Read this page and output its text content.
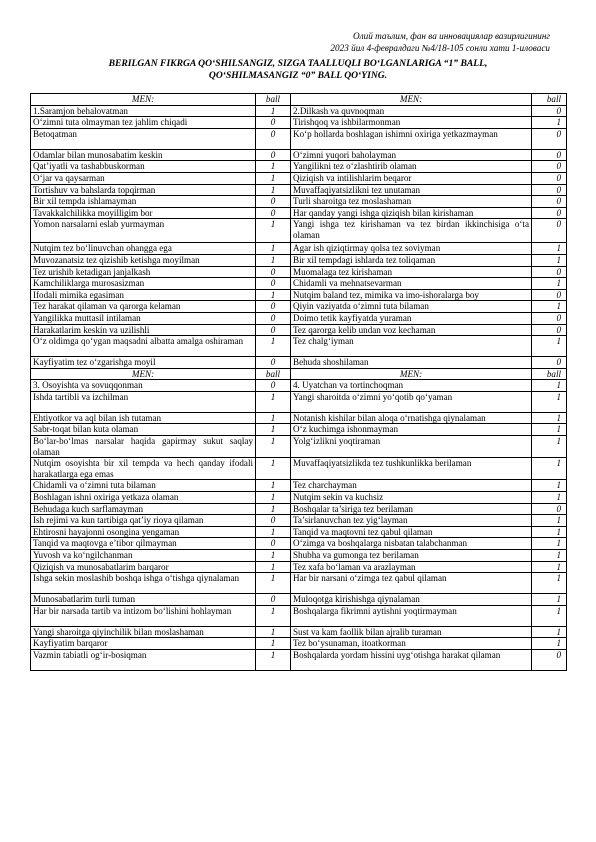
Олий таълим, фан ва инновациялар вазирлигининг
2023 йил 4-февралдаги №4/18-105 сонли хати 1-иловаси
BERILGAN FIKRGA QO‘SHILSANGIZ, SIZGA TAALLUQLI BO‘LGANLARIGA “1” BALL,
QO‘SHILMASANGIZ “0” BALL QO‘YING.
MEN:	ball	MEN:	ball
1.Saramjon behalovatman	1	2.Dilkash va quvnoqman	0
O‘zimni tuta olmayman tez jahlim chiqadi	0	Tirishqoq va ishbilarmonman	1
Betoqatman	0	Ko‘p hollarda boshlagan ishimni oxiriga yetkazmayman	0
Odamlar bilan munosabatim keskin	0	O‘zimni yuqori baholayman	0
Qat’iyatli va tashabbuskorman	1	Yangilikni tez o‘zlashtirib olaman	0
O‘jar va qaysarman	1	Qiziqish va intilishlarim beqaror	0
Tortishuv va bahslarda topqirman	1	Muvaffaqiyatsizlikni tez unutaman	0
Bir xil tempda ishlamayman	0	Turli sharoitga tez moslashaman	0
Tavakkalchilikka moyilligim bor	0	Har qanday yangi ishga qiziqish bilan kirishaman	0
Yomon narsalarni eslab yurmayman	1	Yangi ishga tez kirishaman va tez birdan ikkinchisiga o‘ta olaman	0
Nutqim tez bo‘linuvchan ohangga ega	1	Agar ish qiziqtirmay qolsa tez soviyman	1
Muvozanatsiz tez qizishib ketishga moyilman	1	Bir xil tempdagi ishlarda tez toliqaman	1
Tez urishib ketadigan janjalkash	0	Muomalaga tez kirishaman	0
Kamchiliklarga murosasizman	0	Chidamli va mehnatsevarman	1
Ifodali mimika egasiman	1	Nutqim baland tez, mimika va imo-ishoralarga boy	0
Tez harakat qilaman va qarorga kelaman	0	Qiyin vaziyatda o‘zimni tuta bilaman	1
Yangilikka muttasil intilaman	0	Doimo tetik kayfiyatda yuraman	0
Harakatlarim keskin va uzilishli	0	Tez qarorga kelib undan voz kechaman	0
O‘z oldimga qo‘ygan maqsadni albatta amalga oshiraman	1	Tez chalg‘iyman	1
Kayfiyatim tez o‘zgarishga moyil	0	Behuda shoshilaman	0
MEN:	ball	MEN:	ball
3. Osoyishta va sovuqqonman	0	4. Uyatchan va tortinchoqman	1
Ishda tartibli va izchilman	1	Yangi sharoitda o‘zimni yo‘qotib qo‘yaman	1
Ehtiyotkor va aql bilan ish tutaman	1	Notanish kishilar bilan aloqa o‘rnatishga qiynalaman	1
Sabr-toqat bilan kuta olaman	1	O‘z kuchimga ishonmayman	1
Bo‘lar-bo‘lmas narsalar haqida gapirmay sukut saqlay olaman	1	Yolg‘izlikni yoqtiraman	1
Nutqim osoyishta bir xil tempda va hech qanday ifodali harakatlarga ega emas	1	Muvaffaqiyatsizlikda tez tushkunlikka berilaman	1
Chidamli va o‘zimni tuta bilaman	1	Tez charchayman	1
Boshlagan ishni oxiriga yetkaza olaman	1	Nutqim sekin va kuchsiz	1
Behudaga kuch sarflamayman	1	Boshqalar ta’siriga tez berilaman	0
Ish rejimi va kun tartibiga qat’iy rioya qilaman	0	Ta’sirlanuvchan tez yig‘layman	1
Ehtirosni hayajonni osongina yengaman	1	Tanqid va maqtovni tez qabul qilaman	1
Tanqid va maqtovga e’tibor qilmayman	0	O‘zimga va boshqalarga nisbatan talabchanman	1
Yuvosh va ko‘ngilchanman	1	Shubha va gumonga tez berilaman	1
Qiziqish va munosabatlarim barqaror	1	Tez xafa bo‘laman va arazlayman	1
Ishga sekin moslashib boshqa ishga o‘tishga qiynalaman	1	Har bir narsani o‘zimga tez qabul qilaman	1
Munosabatlarim turli tuman	0	Muloqotga kirishishga qiynalaman	1
Har bir narsada tartib va intizom bo‘lishini hohlayman	1	Boshqalarga fikrimni aytishni yoqtirmayman	1
Yangi sharoitga qiyinchilik bilan moslashaman	1	Sust va kam faollik bilan ajralib turaman	1
Kayfiyatim barqaror	1	Tez bo‘ysunaman, itoatkorman	1
Vazmin tabiatli og‘ir-bosiqman	1	Boshqalarda yordam hissini uyg‘otishga harakat qilaman	0
